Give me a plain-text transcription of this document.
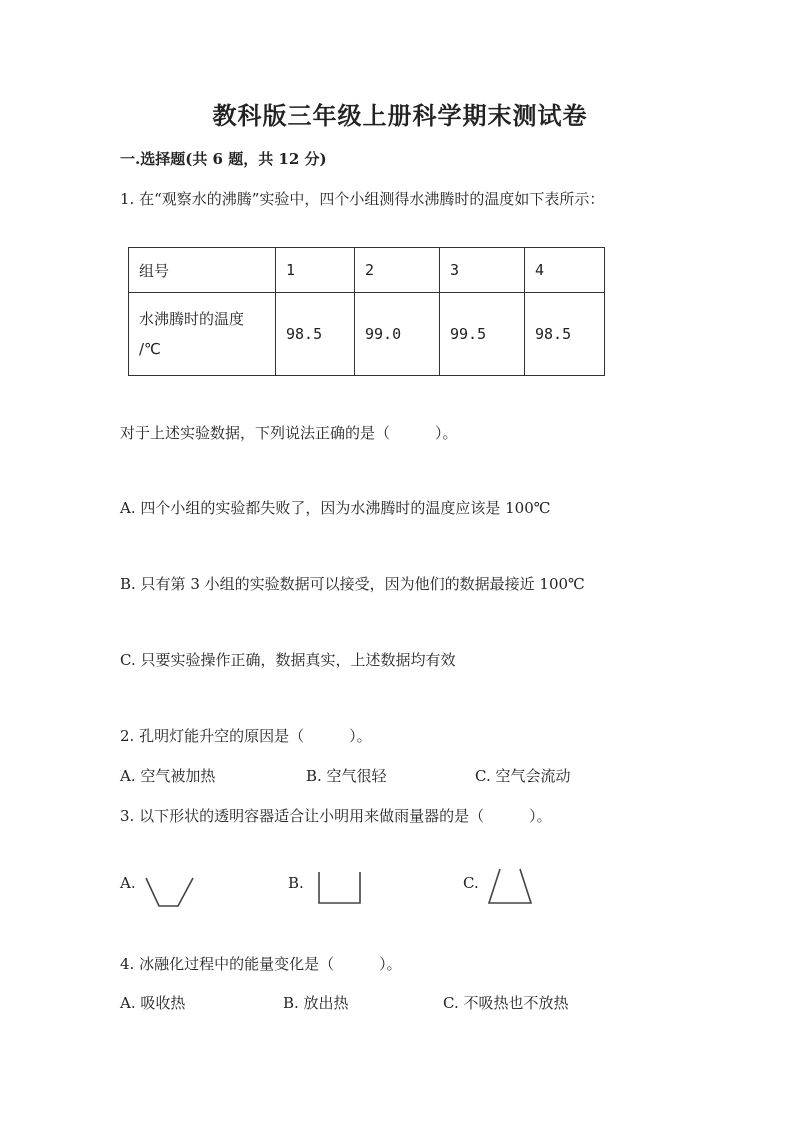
教科版三年级上册科学期末测试卷
一.选择题(共 6 题，共 12 分)
1. 在“观察水的沸腾”实验中，四个小组测得水沸腾时的温度如下表所示：
组号	1	2	3	4

水沸腾时的温度
/℃	98.5	99.0	99.5	98.5
对于上述实验数据，下列说法正确的是（　　　）。
A. 四个小组的实验都失败了，因为水沸腾时的温度应该是 100℃
B. 只有第 3 小组的实验数据可以接受，因为他们的数据最接近 100℃
C. 只要实验操作正确，数据真实，上述数据均有效
2. 孔明灯能升空的原因是（　　　）。
A. 空气被加热	B. 空气很轻	C. 空气会流动
3. 以下形状的透明容器适合让小明用来做雨量器的是（　　　）。
A.	B.	C.
4. 冰融化过程中的能量变化是（　　　）。
A. 吸收热	B. 放出热	C. 不吸热也不放热
